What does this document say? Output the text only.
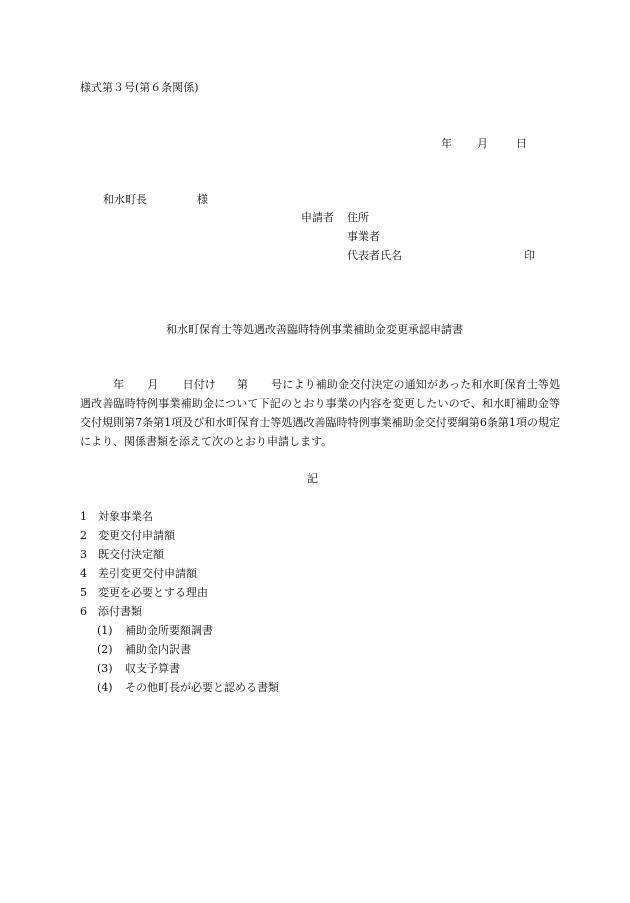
様式第３号(第６条関係)
年 月	日
和水町長	様
申請者 住所
事業者
代表者氏名	印
和水町保育士等処遇改善臨時特例事業補助金変更承認申請書
年 月 日付け 第 号により補助金交付決定の通知があった和水町保育士等処遇改善臨時特例事業補助金について下記のとおり事業の内容を変更したいので、和水町補助金等交付規則第7条第1項及び和水町保育士等処遇改善臨時特例事業補助金交付要綱第6条第1項の規定により、関係書類を添えて次のとおり申請します。
記
1 対象事業名
2 変更交付申請額
3 既交付決定額
4 差引変更交付申請額
5 変更を必要とする理由
6 添付書類
(1) 補助金所要額調書
(2) 補助金内訳書
(3) 収支予算書
(4) その他町長が必要と認める書類
